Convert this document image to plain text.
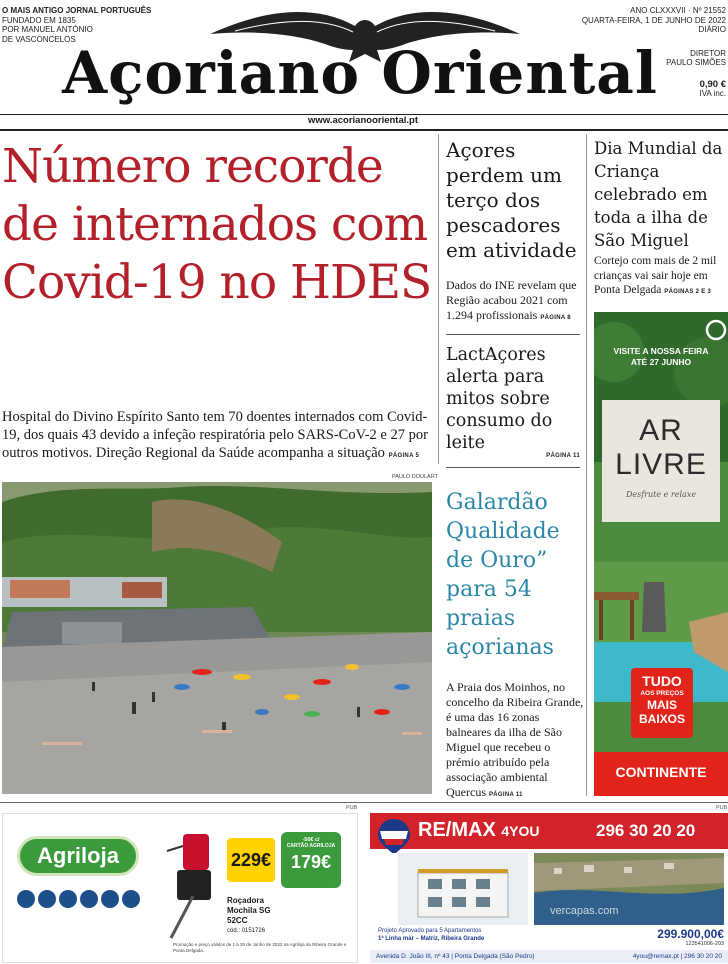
O MAIS ANTIGO JORNAL PORTUGUÊS
FUNDADO EM 1835
POR MANUEL ANTÓNIO
DE VASCONCELOS
Açoriano Oriental
ANO CLXXXVII · Nº 21552
QUARTA-FEIRA, 1 DE JUNHO DE 2022
DIÁRIO
DIRETOR
PAULO SIMÕES
0,90 €
IVA inc.
www.acorianooriental.pt
Número recorde de internados com Covid-19 no HDES
Hospital do Divino Espírito Santo tem 70 doentes internados com Covid-19, dos quais 43 devido a infeção respiratória pelo SARS-CoV-2 e 27 por outros motivos. Direção Regional da Saúde acompanha a situação PÁGINA 5
PAULO DOULART
Açores perdem um terço dos pescadores em atividade
Dados do INE revelam que Região acabou 2021 com 1.294 profissionais PÁGINA 8
LactAçores alerta para mitos sobre consumo do leite
PÁGINA 11
Galardão Qualidade de Ouro” para 54 praias açorianas
A Praia dos Moinhos, no concelho da Ribeira Grande, é uma das 16 zonas balneares da ilha de São Miguel que recebeu o prémio atribuído pela associação ambiental Quercus PÁGINA 11
Dia Mundial da Criança celebrado em toda a ilha de São Miguel
Cortejo com mais de 2 mil crianças vai sair hoje em Ponta Delgada PÁGINAS 2 E 3
VISITE A NOSSA FEIRA
ATÉ 27 JUNHO
AR
LIVRE
Desfrute e relaxe
TUDO
AOS PREÇOS
MAIS
BAIXOS
CONTINENTE
PUB	PUB
Agriloja	229€
-50€ c/
CARTÃO AGRILOJA
179€
Roçadora
Mochila SG
52CC
cód.: 0151726
Promoção e preço válidos de 1 a 30 de Junho de 2022 na Agriloja da Ribeira Grande e Ponta Delgada.
RE/MAX 4YOU	296 30 20 20
Projeto Aprovado para 5 Apartamentos
1ª Linha mar – Matriz, Ribeira Grande	299.900,00€
123541006-203
vercapas.com
Avenida D. João III, nº 43 | Ponta Delgada (São Pedro)	4you@remax.pt | 296 30 20 20
